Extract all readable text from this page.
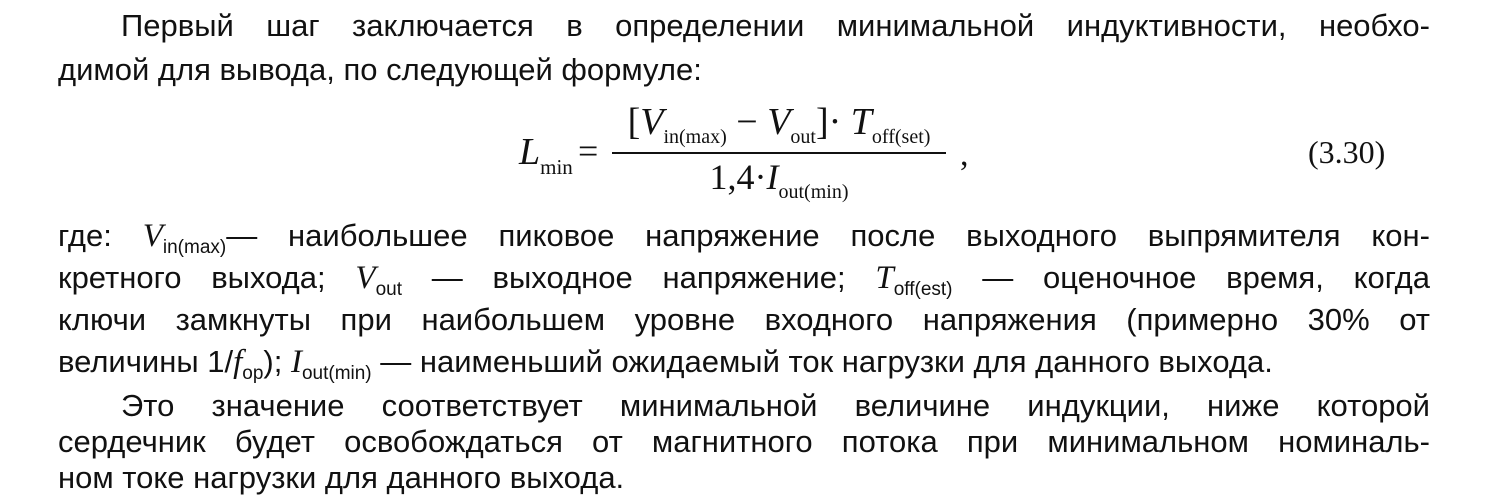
Первый шаг заключается в определении минимальной индуктивности, необхо-
димой для вывода, по следующей формуле:
$L_{min}$ =
$[V_{in(max)} - V_{out}]\cdot T_{off(set)}$
$1,4\cdot I_{out(min)}$
,	(3.30)
где: $V_{in(max)}—$ наибольшее пиковое напряжение после выходного выпрямителя кон-
кретного выхода; $V_{out}$ — выходное напряжение; $T_{off(est)}$ — оценочное время, когда
ключи замкнуты при наибольшем уровне входного напряжения (примерно 30% от
величины $1/f_{op}$); $I_{out(min)}$ — наименьший ожидаемый ток нагрузки для данного выхода.
Это значение соответствует минимальной величине индукции, ниже которой
сердечник будет освобождаться от магнитного потока при минимальном номиналь-
ном токе нагрузки для данного выхода.
